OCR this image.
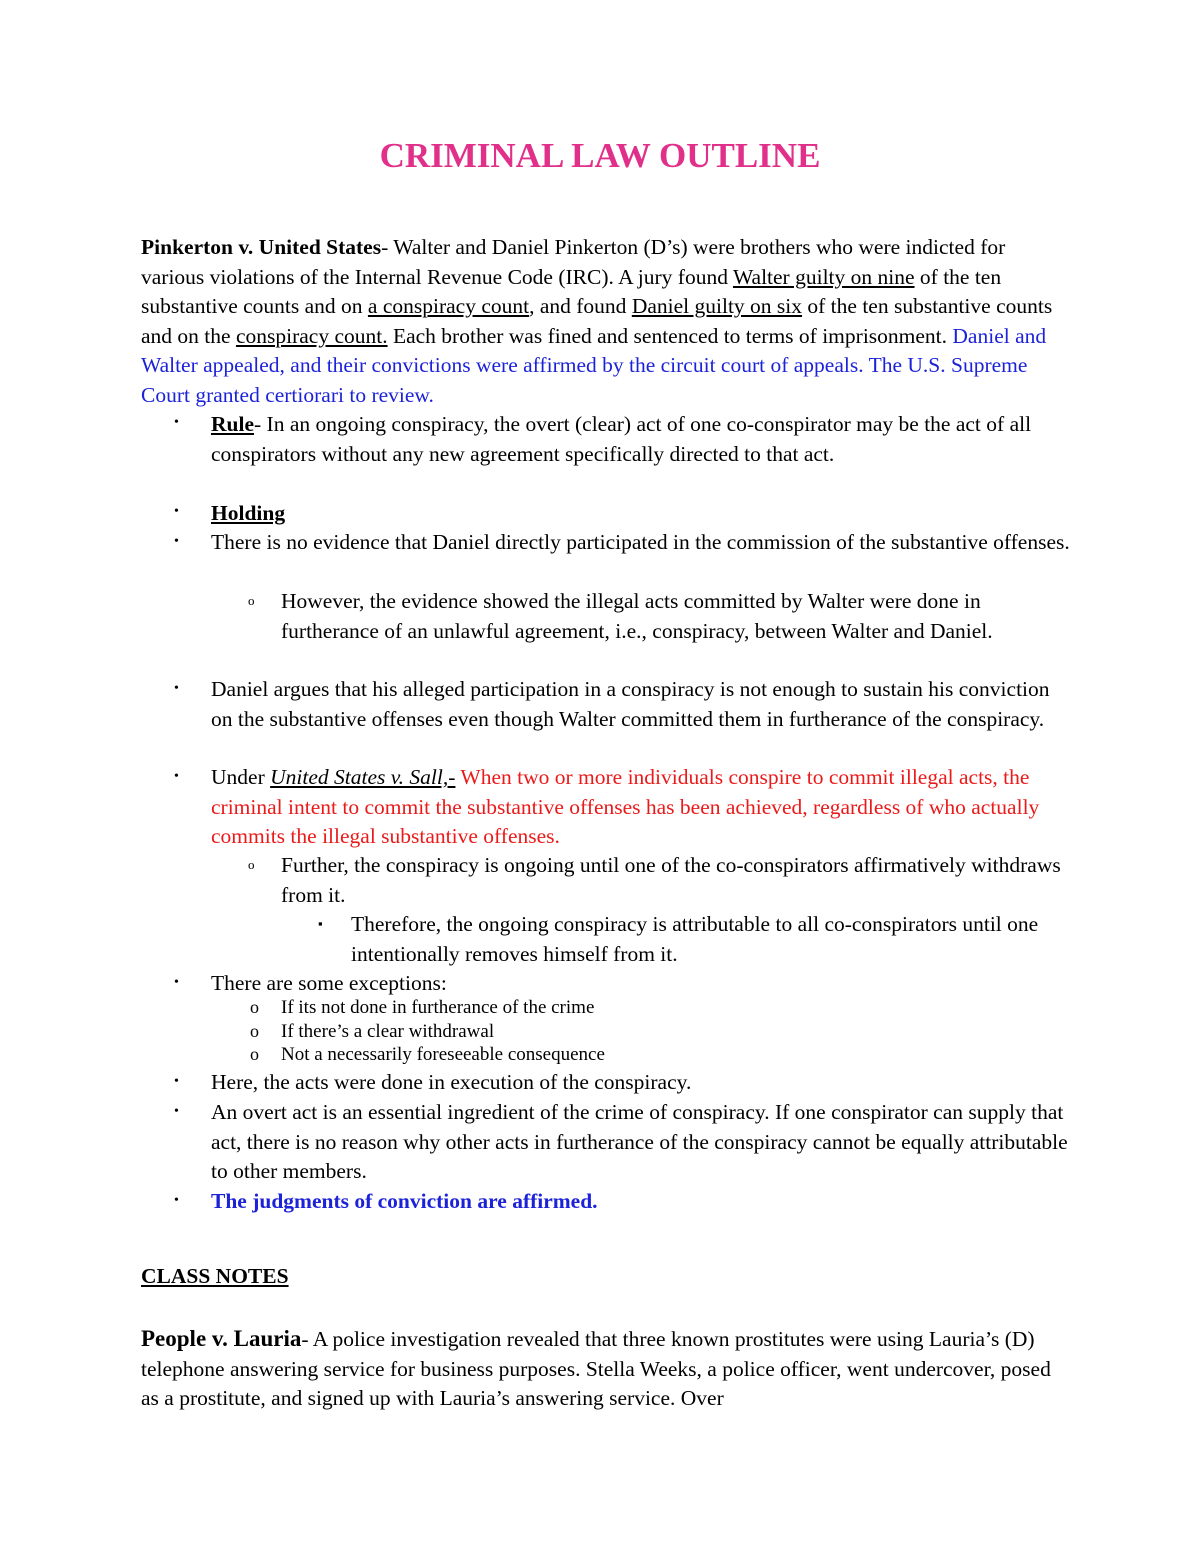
CRIMINAL LAW OUTLINE
Pinkerton v. United States- Walter and Daniel Pinkerton (D’s) were brothers who were indicted for various violations of the Internal Revenue Code (IRC). A jury found Walter guilty on nine of the ten substantive counts and on a conspiracy count, and found Daniel guilty on six of the ten substantive counts and on the conspiracy count. Each brother was fined and sentenced to terms of imprisonment. Daniel and Walter appealed, and their convictions were affirmed by the circuit court of appeals. The U.S. Supreme Court granted certiorari to review.
• Rule- In an ongoing conspiracy, the overt (clear) act of one co-conspirator may be the act of all conspirators without any new agreement specifically directed to that act.
• Holding
• There is no evidence that Daniel directly participated in the commission of the substantive offenses.
o However, the evidence showed the illegal acts committed by Walter were done in furtherance of an unlawful agreement, i.e., conspiracy, between Walter and Daniel.
• Daniel argues that his alleged participation in a conspiracy is not enough to sustain his conviction on the substantive offenses even though Walter committed them in furtherance of the conspiracy.
• Under United States v. Sall,- When two or more individuals conspire to commit illegal acts, the criminal intent to commit the substantive offenses has been achieved, regardless of who actually commits the illegal substantive offenses.
o Further, the conspiracy is ongoing until one of the co-conspirators affirmatively withdraws from it.
▪ Therefore, the ongoing conspiracy is attributable to all co-conspirators until one intentionally removes himself from it.
• There are some exceptions:
o If its not done in furtherance of the crime
o If there’s a clear withdrawal
o Not a necessarily foreseeable consequence
• Here, the acts were done in execution of the conspiracy.
• An overt act is an essential ingredient of the crime of conspiracy. If one conspirator can supply that act, there is no reason why other acts in furtherance of the conspiracy cannot be equally attributable to other members.
• The judgments of conviction are affirmed.
CLASS NOTES
People v. Lauria- A police investigation revealed that three known prostitutes were using Lauria’s (D) telephone answering service for business purposes. Stella Weeks, a police officer, went undercover, posed as a prostitute, and signed up with Lauria’s answering service. Over
